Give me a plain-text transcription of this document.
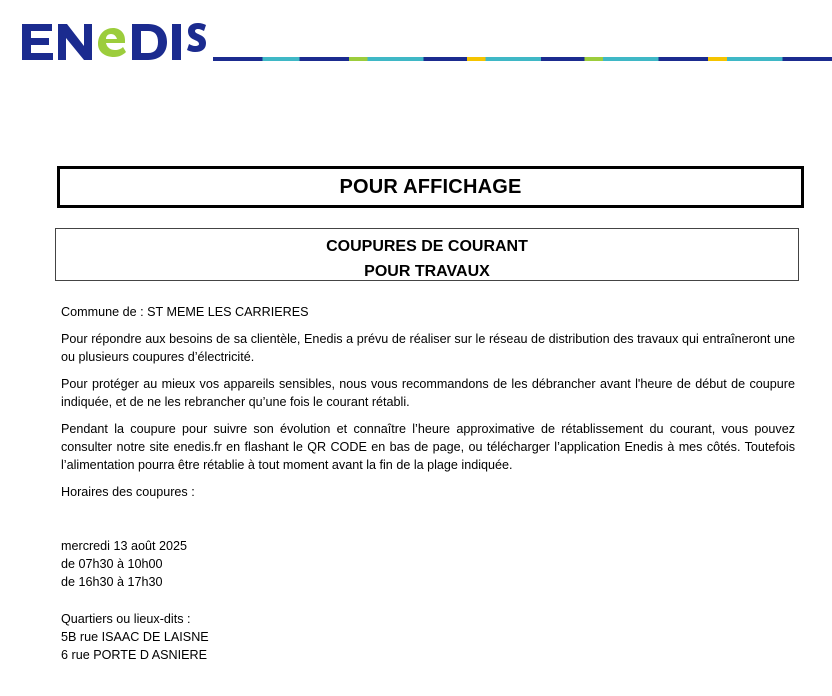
POUR AFFICHAGE
COUPURES DE COURANT
POUR TRAVAUX

Commune de : ST MEME LES CARRIERES

Pour répondre aux besoins de sa clientèle, Enedis a prévu de réaliser sur le réseau de distribution des travaux qui entraîneront une ou plusieurs coupures d’électricité.

Pour protéger au mieux vos appareils sensibles, nous vous recommandons de les débrancher avant l'heure de début de coupure indiquée, et de ne les rebrancher qu’une fois le courant rétabli.

Pendant la coupure pour suivre son évolution et connaître l’heure approximative de rétablissement du courant, vous pouvez consulter notre site enedis.fr en flashant le QR CODE en bas de page, ou télécharger l’application Enedis à mes côtés. Toutefois l’alimentation pourra être rétablie à tout moment avant la fin de la plage indiquée.

Horaires des coupures :

mercredi 13 août 2025

de 07h30 à 10h00

de 16h30 à 17h30

Quartiers ou lieux-dits :

5B rue ISAAC DE LAISNE

6 rue PORTE D ASNIERE
